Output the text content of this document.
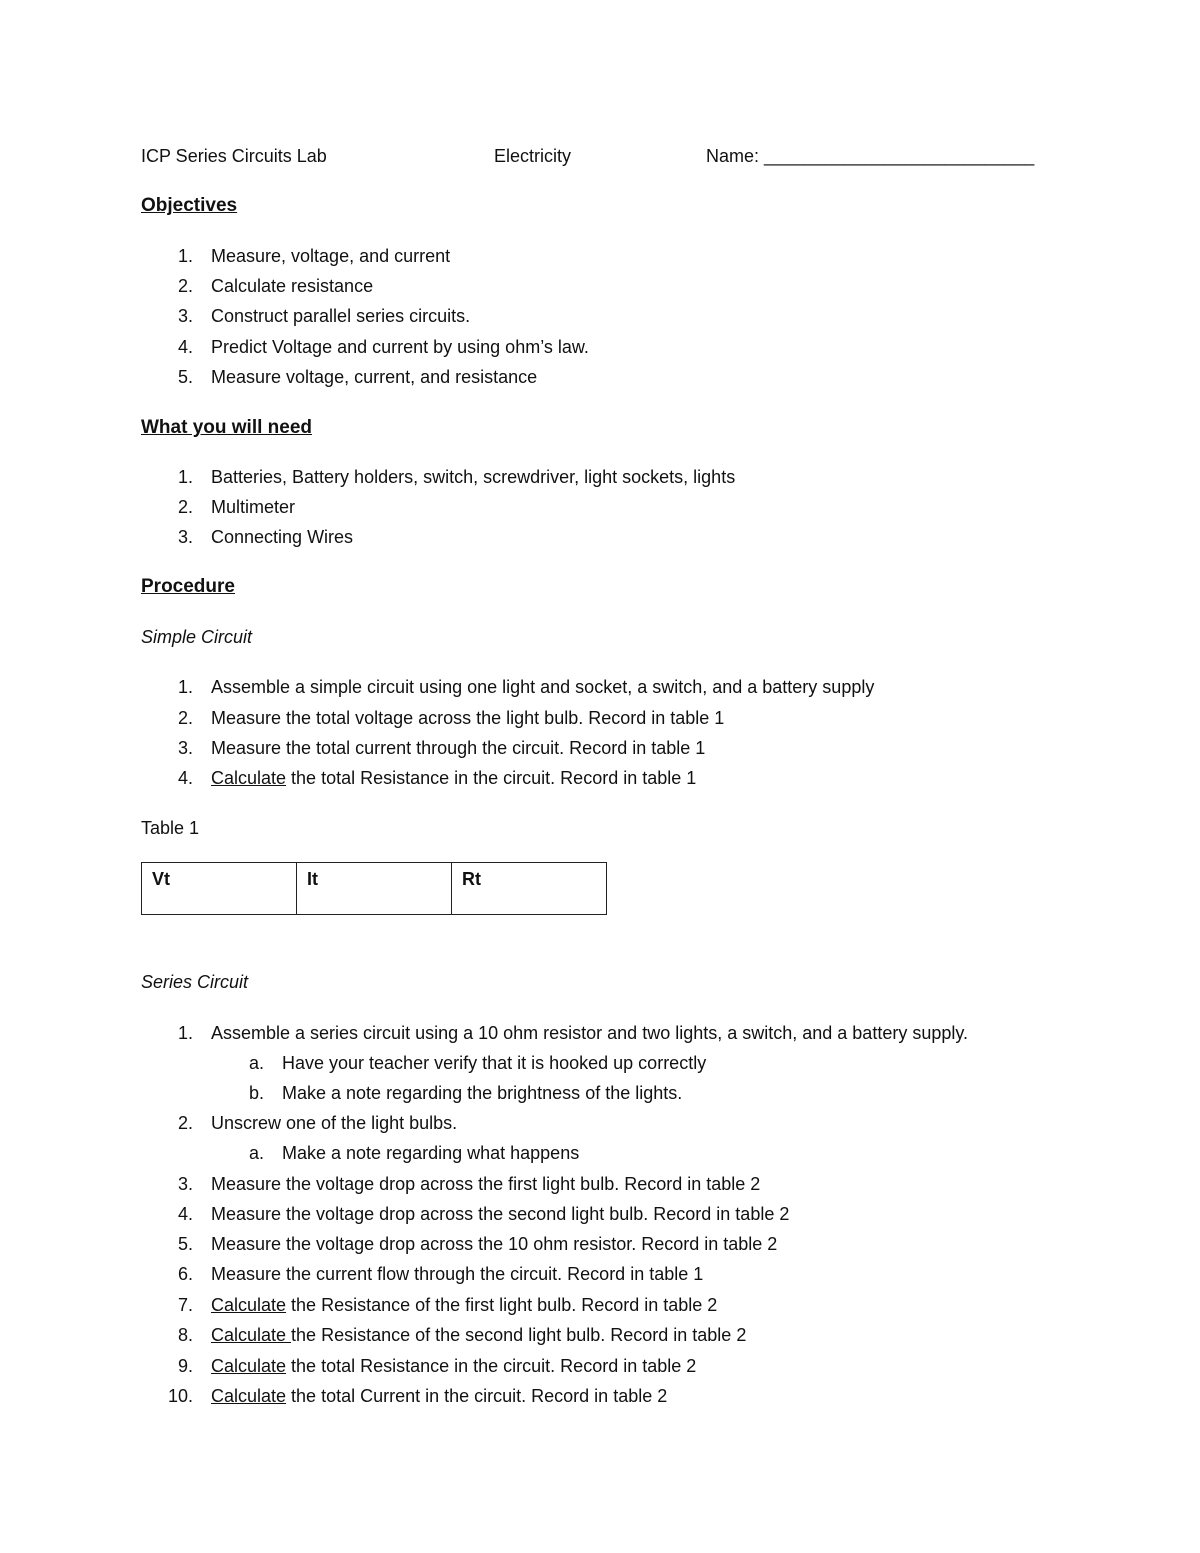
ICP Series Circuits Lab	Electricity	Name: ___________________________
Objectives
1. Measure, voltage, and current
2. Calculate resistance
3. Construct parallel series circuits.
4. Predict Voltage and current by using ohm’s law.
5. Measure voltage, current, and resistance
What you will need
1. Batteries, Battery holders, switch, screwdriver, light sockets, lights
2. Multimeter
3. Connecting Wires
Procedure
Simple Circuit
1. Assemble a simple circuit using one light and socket, a switch, and a battery supply
2. Measure the total voltage across the light bulb. Record in table 1
3. Measure the total current through the circuit. Record in table 1
4. Calculate the total Resistance in the circuit. Record in table 1
Table 1
Vt	It	Rt
Series Circuit
1. Assemble a series circuit using a 10 ohm resistor and two lights, a switch, and a battery supply.
a. Have your teacher verify that it is hooked up correctly
b. Make a note regarding the brightness of the lights.
2. Unscrew one of the light bulbs.
a. Make a note regarding what happens
3. Measure the voltage drop across the first light bulb. Record in table 2
4. Measure the voltage drop across the second light bulb. Record in table 2
5. Measure the voltage drop across the 10 ohm resistor. Record in table 2
6. Measure the current flow through the circuit. Record in table 1
7. Calculate the Resistance of the first light bulb. Record in table 2
8. Calculate the Resistance of the second light bulb. Record in table 2
9. Calculate the total Resistance in the circuit. Record in table 2
10. Calculate the total Current in the circuit. Record in table 2
